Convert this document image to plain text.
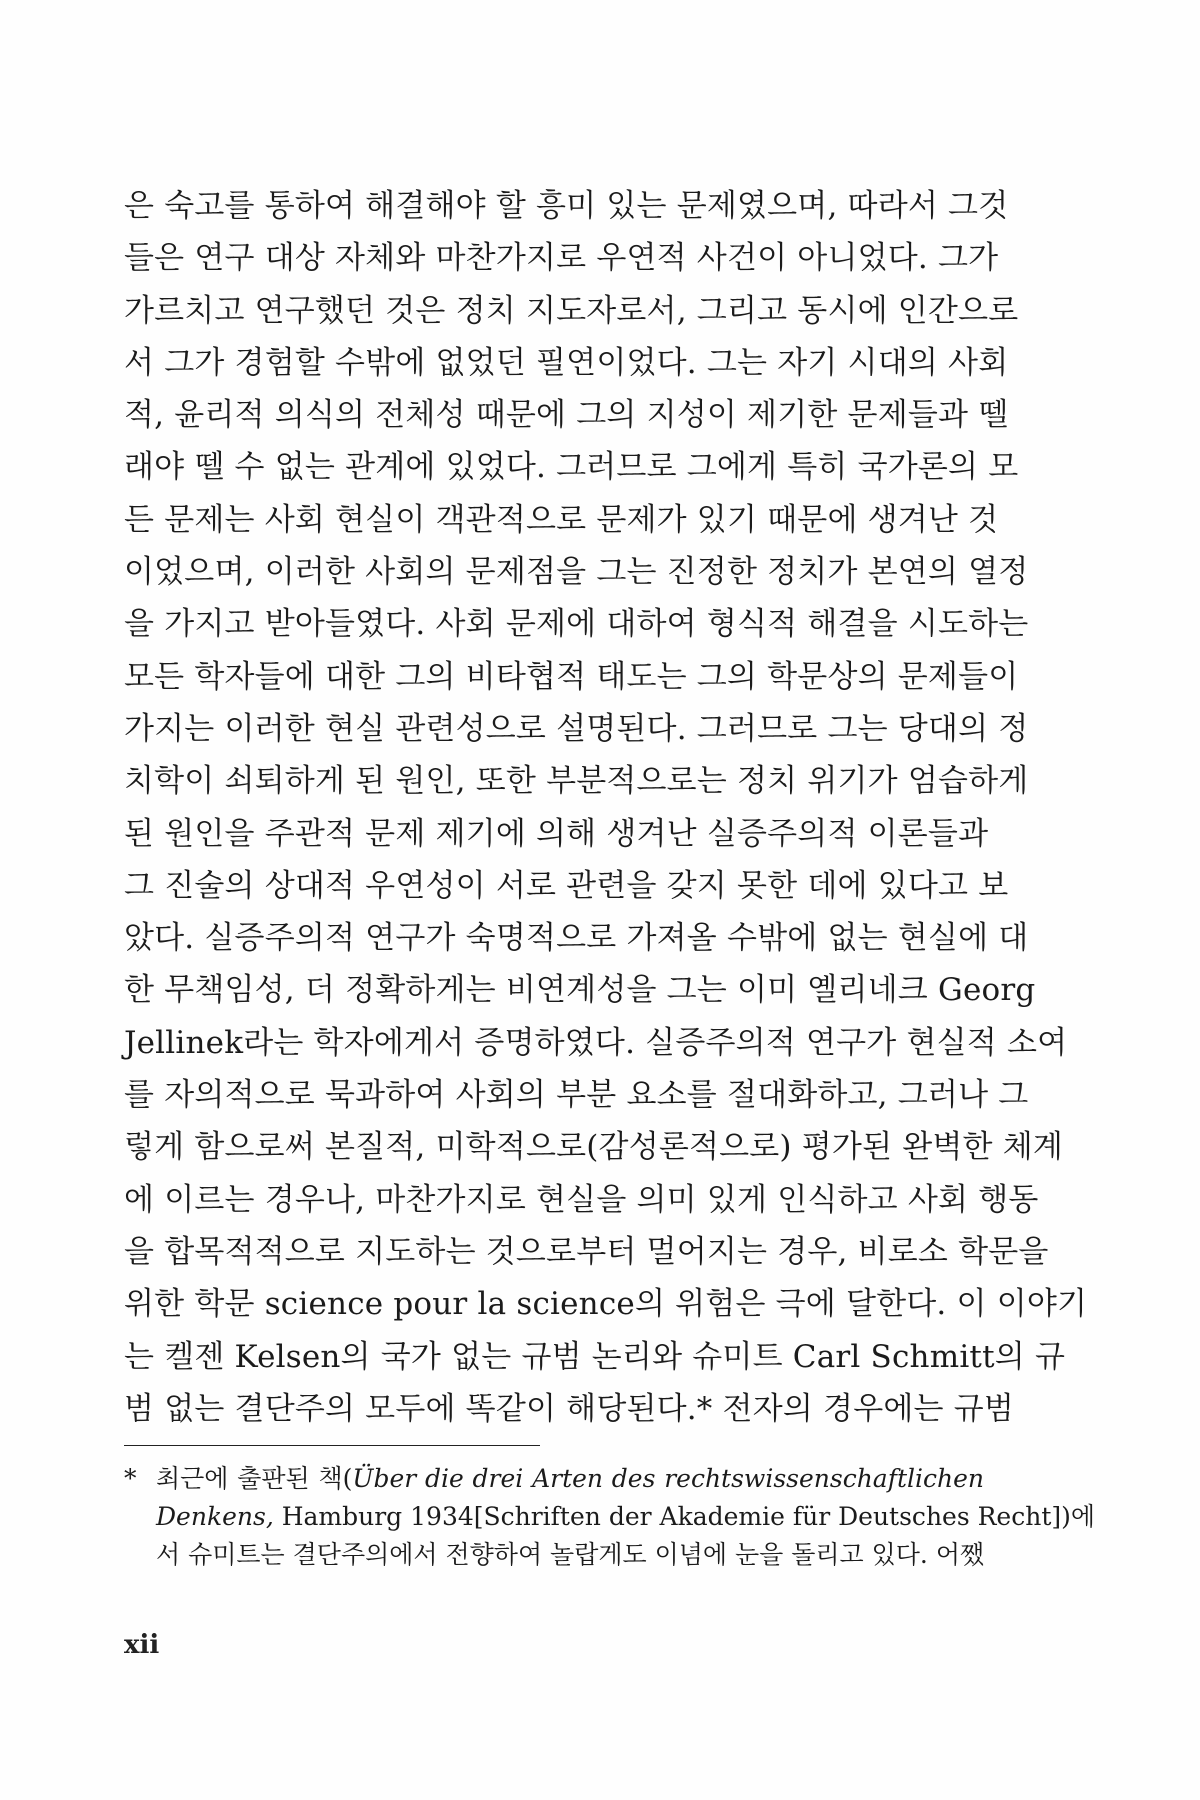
은 숙고를 통하여 해결해야 할 흥미 있는 문제였으며, 따라서 그것
들은 연구 대상 자체와 마찬가지로 우연적 사건이 아니었다. 그가
가르치고 연구했던 것은 정치 지도자로서, 그리고 동시에 인간으로
서 그가 경험할 수밖에 없었던 필연이었다. 그는 자기 시대의 사회
적, 윤리적 의식의 전체성 때문에 그의 지성이 제기한 문제들과 뗄
래야 뗄 수 없는 관계에 있었다. 그러므로 그에게 특히 국가론의 모
든 문제는 사회 현실이 객관적으로 문제가 있기 때문에 생겨난 것
이었으며, 이러한 사회의 문제점을 그는 진정한 정치가 본연의 열정
을 가지고 받아들였다. 사회 문제에 대하여 형식적 해결을 시도하는
모든 학자들에 대한 그의 비타협적 태도는 그의 학문상의 문제들이
가지는 이러한 현실 관련성으로 설명된다. 그러므로 그는 당대의 정
치학이 쇠퇴하게 된 원인, 또한 부분적으로는 정치 위기가 엄습하게
된 원인을 주관적 문제 제기에 의해 생겨난 실증주의적 이론들과
그 진술의 상대적 우연성이 서로 관련을 갖지 못한 데에 있다고 보
았다. 실증주의적 연구가 숙명적으로 가져올 수밖에 없는 현실에 대
한 무책임성, 더 정확하게는 비연계성을 그는 이미 옐리네크 Georg
Jellinek라는 학자에게서 증명하였다. 실증주의적 연구가 현실적 소여
를 자의적으로 묵과하여 사회의 부분 요소를 절대화하고, 그러나 그
렇게 함으로써 본질적, 미학적으로(감성론적으로) 평가된 완벽한 체계
에 이르는 경우나, 마찬가지로 현실을 의미 있게 인식하고 사회 행동
을 합목적적으로 지도하는 것으로부터 멀어지는 경우, 비로소 학문을
위한 학문 science pour la science의 위험은 극에 달한다. 이 이야기
는 켈젠 Kelsen의 국가 없는 규범 논리와 슈미트 Carl Schmitt의 규
범 없는 결단주의 모두에 똑같이 해당된다.* 전자의 경우에는 규범
* 최근에 출판된 책(Über die drei Arten des rechtswissenschaftlichen
Denkens, Hamburg 1934[Schriften der Akademie für Deutsches Recht])에
서 슈미트는 결단주의에서 전향하여 놀랍게도 이념에 눈을 돌리고 있다. 어쨌
xii
